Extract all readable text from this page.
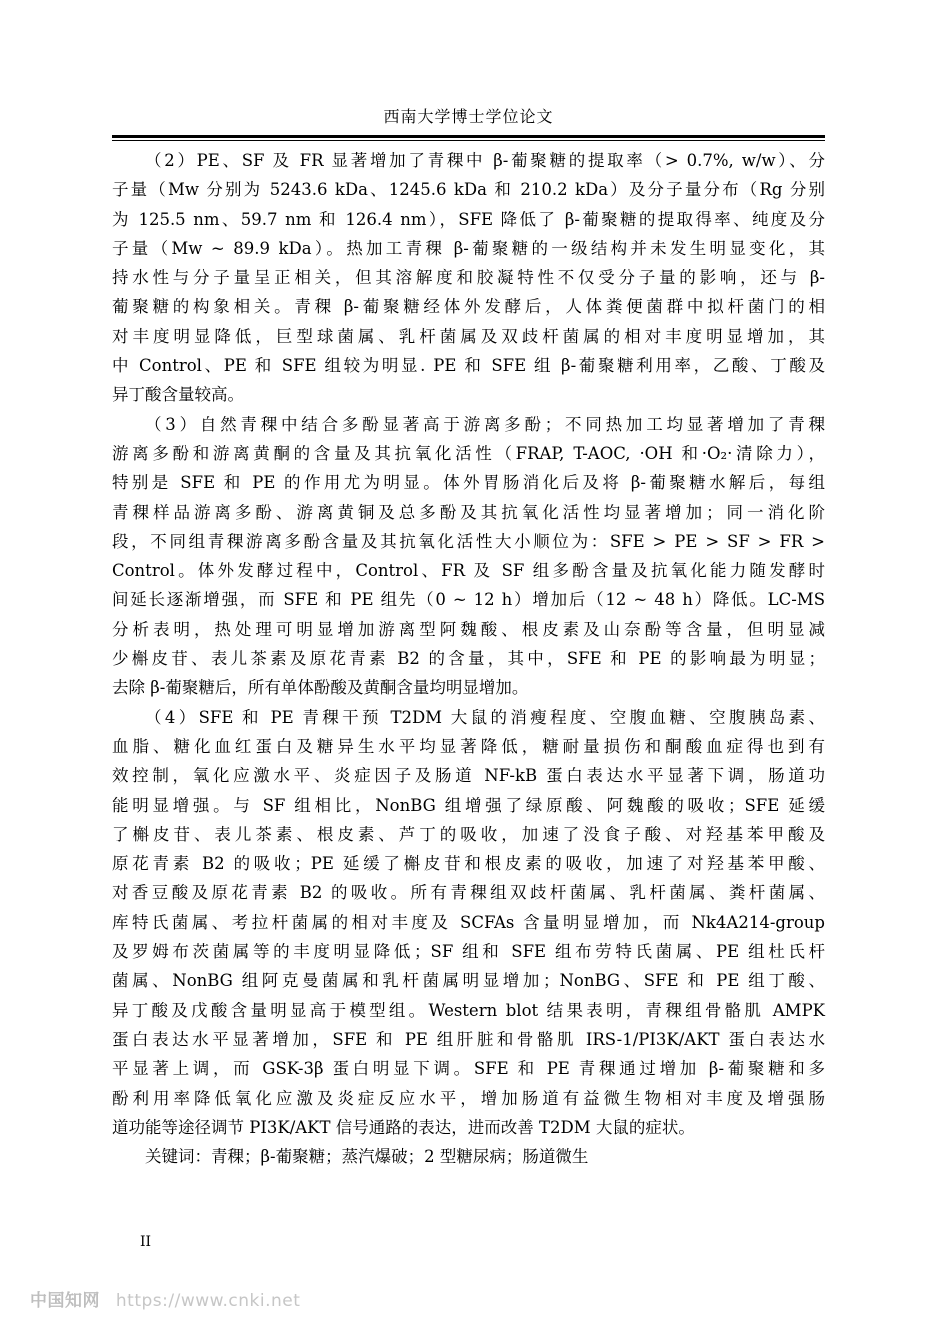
西南大学博士学位论文
（2）PE、SF 及 FR 显著增加了青稞中 β-葡聚糖的提取率（> 0.7%, w/w）、分
子量（Mw 分别为 5243.6 kDa、1245.6 kDa 和 210.2 kDa）及分子量分布（Rg 分别
为 125.5 nm、59.7 nm 和 126.4 nm），SFE 降低了 β-葡聚糖的提取得率、纯度及分
子量（Mw ~ 89.9 kDa）。热加工青稞 β-葡聚糖的一级结构并未发生明显变化，其
持水性与分子量呈正相关，但其溶解度和胶凝特性不仅受分子量的影响，还与 β-
葡聚糖的构象相关。青稞 β-葡聚糖经体外发酵后，人体粪便菌群中拟杆菌门的相
对丰度明显降低，巨型球菌属、乳杆菌属及双歧杆菌属的相对丰度明显增加，其
中 Control、PE 和 SFE 组较为明显. PE 和 SFE 组 β-葡聚糖利用率，乙酸、丁酸及
异丁酸含量较高。
（3）自然青稞中结合多酚显著高于游离多酚；不同热加工均显著增加了青稞
游离多酚和游离黄酮的含量及其抗氧化活性（FRAP, T-AOC, ·OH 和·O₂·清除力），
特别是 SFE 和 PE 的作用尤为明显。体外胃肠消化后及将 β-葡聚糖水解后，每组
青稞样品游离多酚、游离黄铜及总多酚及其抗氧化活性均显著增加；同一消化阶
段，不同组青稞游离多酚含量及其抗氧化活性大小顺位为：SFE > PE > SF > FR >
Control。体外发酵过程中，Control、FR 及 SF 组多酚含量及抗氧化能力随发酵时
间延长逐渐增强，而 SFE 和 PE 组先（0 ~ 12 h）增加后（12 ~ 48 h）降低。LC-MS
分析表明，热处理可明显增加游离型阿魏酸、根皮素及山奈酚等含量，但明显减
少槲皮苷、表儿茶素及原花青素 B2 的含量，其中，SFE 和 PE 的影响最为明显；
去除 β-葡聚糖后，所有单体酚酸及黄酮含量均明显增加。
（4）SFE 和 PE 青稞干预 T2DM 大鼠的消瘦程度、空腹血糖、空腹胰岛素、
血脂、糖化血红蛋白及糖异生水平均显著降低，糖耐量损伤和酮酸血症得也到有
效控制，氧化应激水平、炎症因子及肠道 NF-kB 蛋白表达水平显著下调，肠道功
能明显增强。与 SF 组相比，NonBG 组增强了绿原酸、阿魏酸的吸收；SFE 延缓
了槲皮苷、表儿茶素、根皮素、芦丁的吸收，加速了没食子酸、对羟基苯甲酸及
原花青素 B2 的吸收；PE 延缓了槲皮苷和根皮素的吸收，加速了对羟基苯甲酸、
对香豆酸及原花青素 B2 的吸收。所有青稞组双歧杆菌属、乳杆菌属、粪杆菌属、
库特氏菌属、考拉杆菌属的相对丰度及 SCFAs 含量明显增加，而 Nk4A214-group
及罗姆布茨菌属等的丰度明显降低；SF 组和 SFE 组布劳特氏菌属、PE 组杜氏杆
菌属、NonBG 组阿克曼菌属和乳杆菌属明显增加；NonBG、SFE 和 PE 组丁酸、
异丁酸及戊酸含量明显高于模型组。Western blot 结果表明，青稞组骨骼肌 AMPK
蛋白表达水平显著增加，SFE 和 PE 组肝脏和骨骼肌 IRS-1/PI3K/AKT 蛋白表达水
平显著上调，而 GSK-3β 蛋白明显下调。SFE 和 PE 青稞通过增加 β-葡聚糖和多
酚利用率降低氧化应激及炎症反应水平，增加肠道有益微生物相对丰度及增强肠
道功能等途径调节 PI3K/AKT 信号通路的表达，进而改善 T2DM 大鼠的症状。
关键词：青稞；β-葡聚糖；蒸汽爆破；2 型糖尿病；肠道微生
II
中国知网 https://www.cnki.net
